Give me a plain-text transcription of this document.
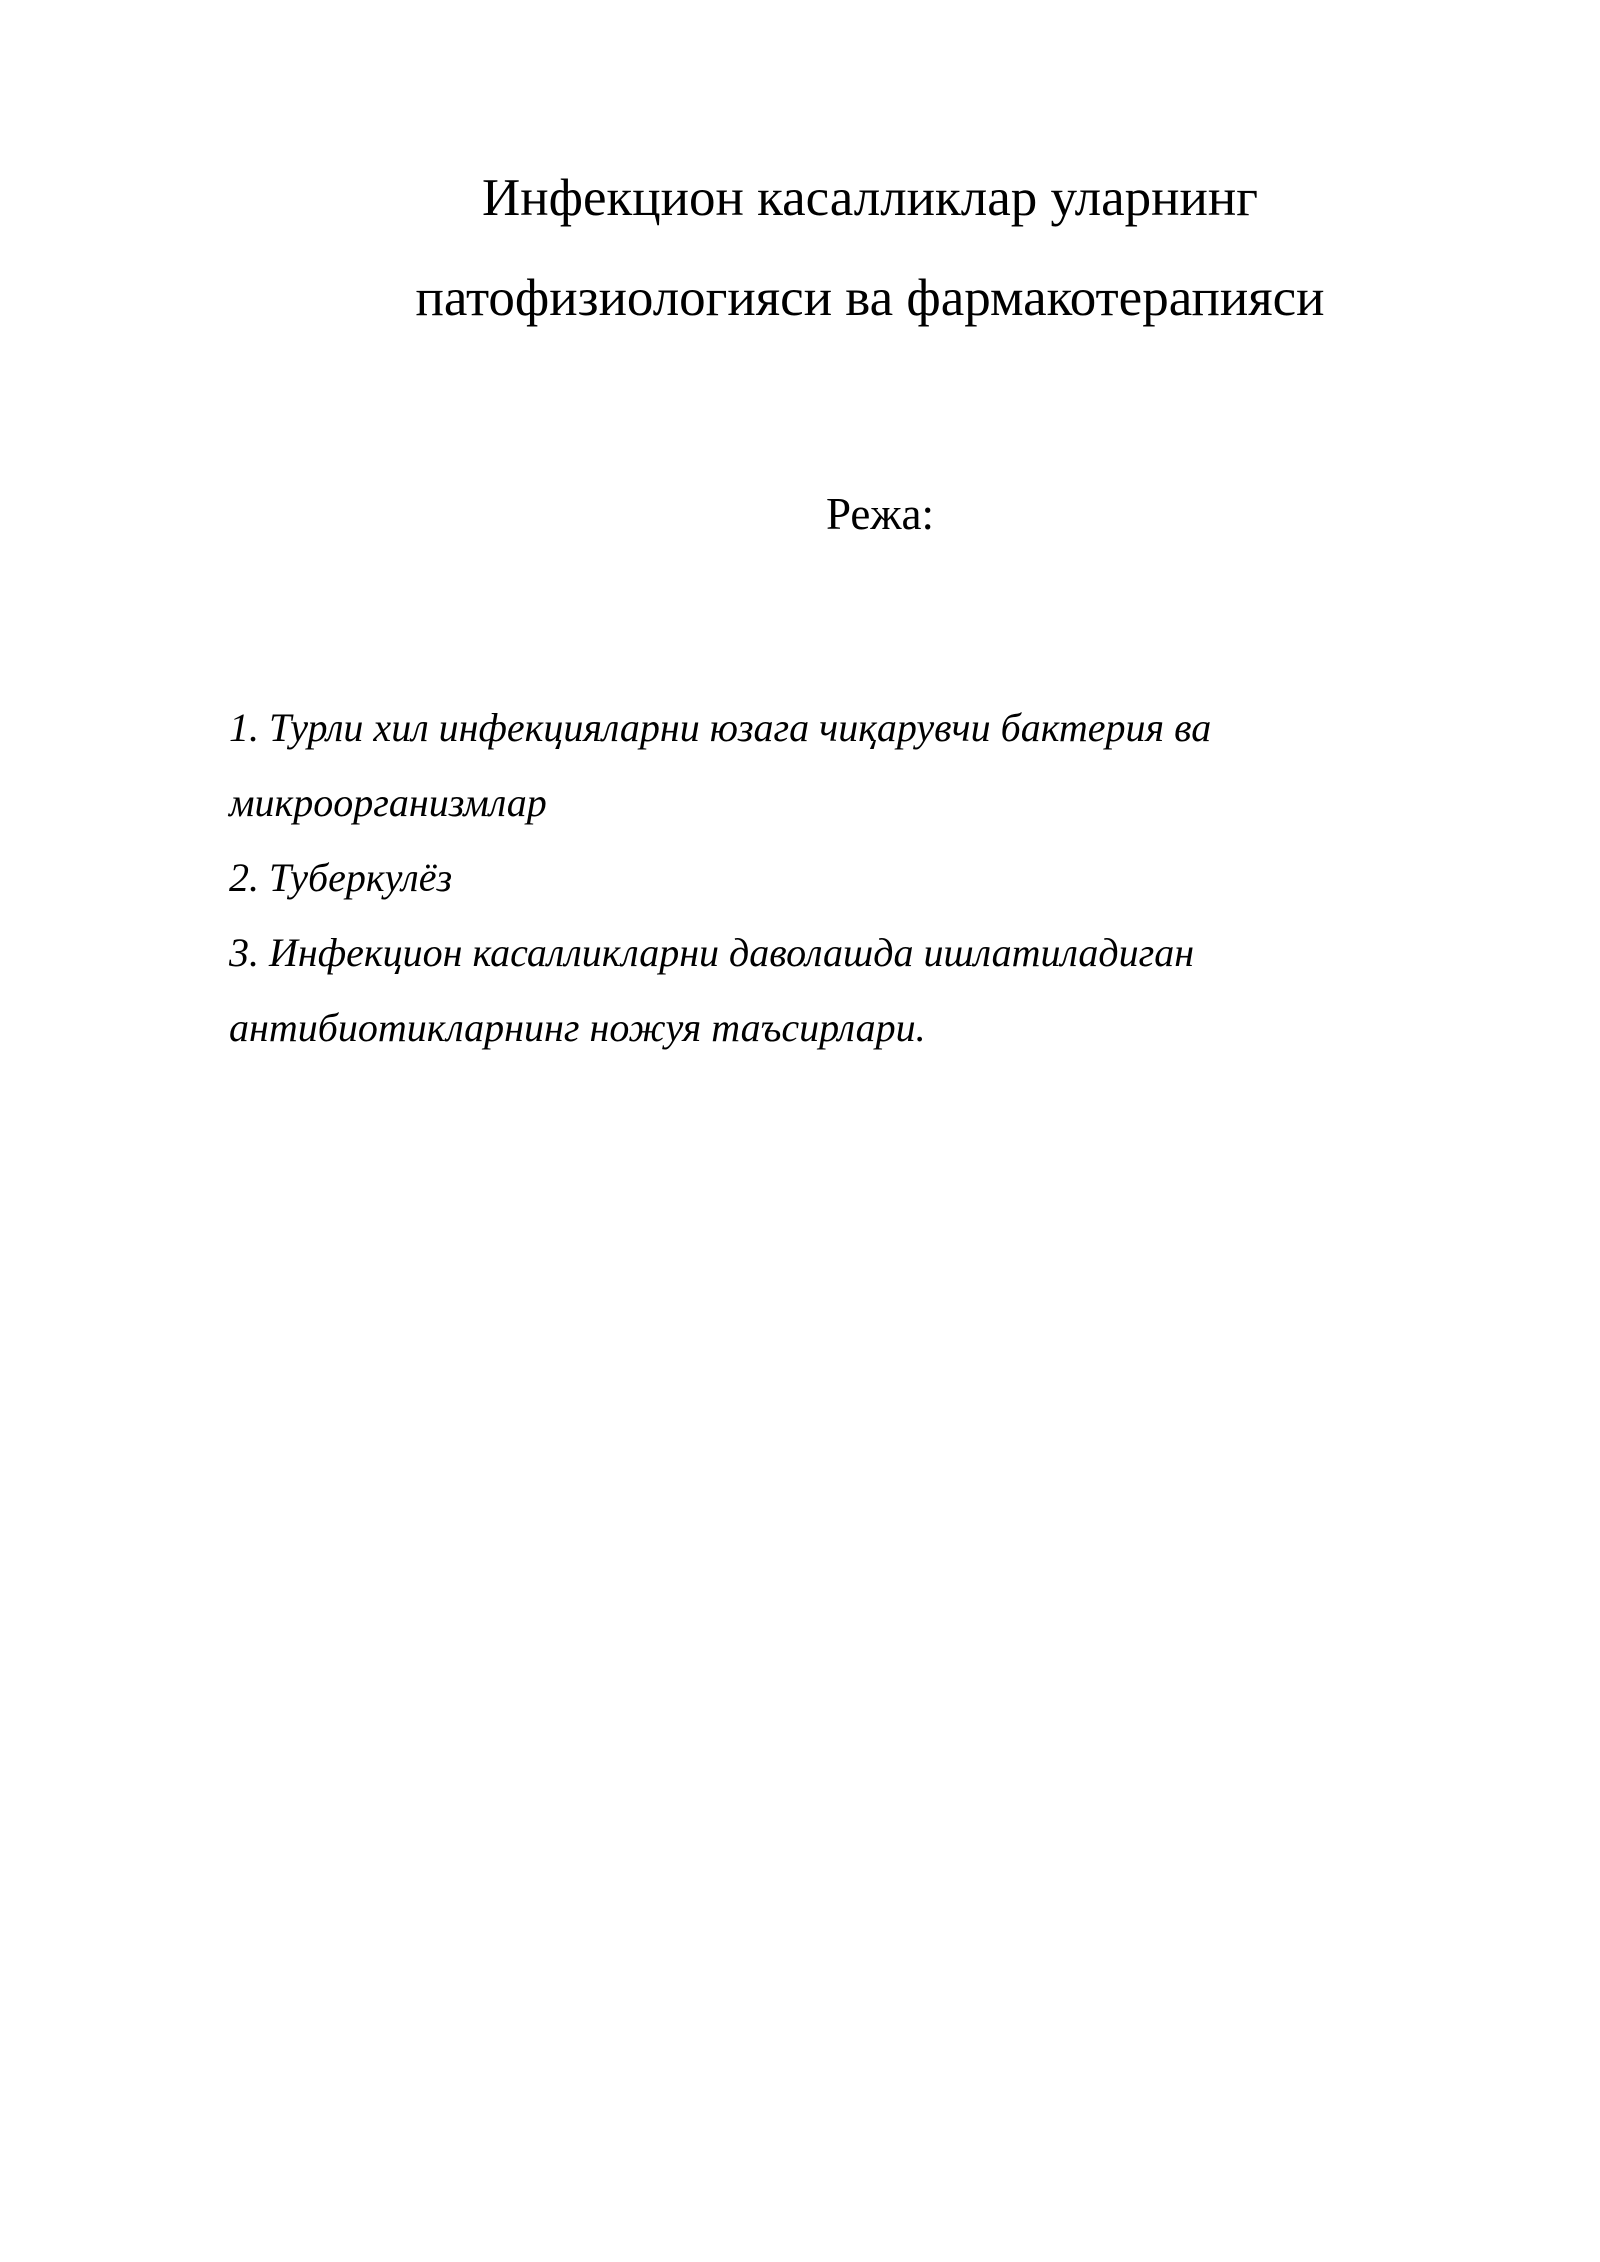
Инфекцион касалликлар уларнинг
патофизиологияси ва фармакотерапияси
Режа:
1. Турли хил инфекцияларни юзага чиқарувчи бактерия ва
микроорганизмлар
2. Туберкулёз
3. Инфекцион касалликларни даволашда ишлатиладиган
антибиотикларнинг ножуя таъсирлари.
